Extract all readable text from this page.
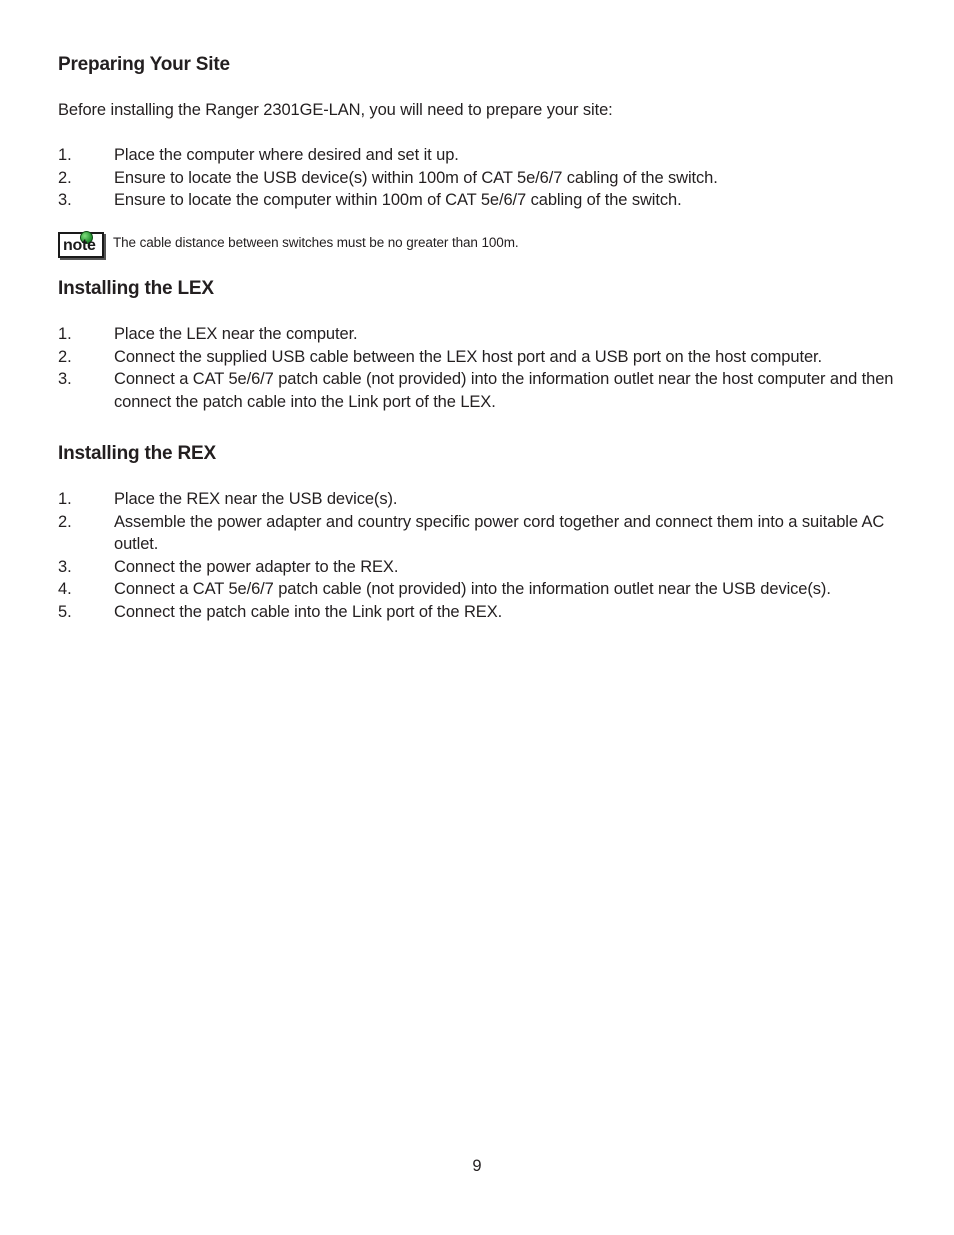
Preparing Your Site

Before installing the Ranger 2301GE-LAN, you will need to prepare your site:

1.	Place the computer where desired and set it up.
2.	Ensure to locate the USB device(s) within 100m of CAT 5e/6/7 cabling of the switch.
3.	Ensure to locate the computer within 100m of CAT 5e/6/7 cabling of the switch.
note The cable distance between switches must be no greater than 100m.
Installing the LEX
1.	Place the LEX near the computer.
2.	Connect the supplied USB cable between the LEX host port and a USB port on the host computer.
3.	Connect a CAT 5e/6/7 patch cable (not provided) into the information outlet near the host computer and then connect the patch cable into the Link port of the LEX.
Installing the REX
1.	Place the REX near the USB device(s).
2.	Assemble the power adapter and country specific power cord together and connect them into a suitable AC outlet.
3.	Connect the power adapter to the REX.
4.	Connect a CAT 5e/6/7 patch cable (not provided) into the information outlet near the USB device(s).
5.	Connect the patch cable into the Link port of the REX.
9
